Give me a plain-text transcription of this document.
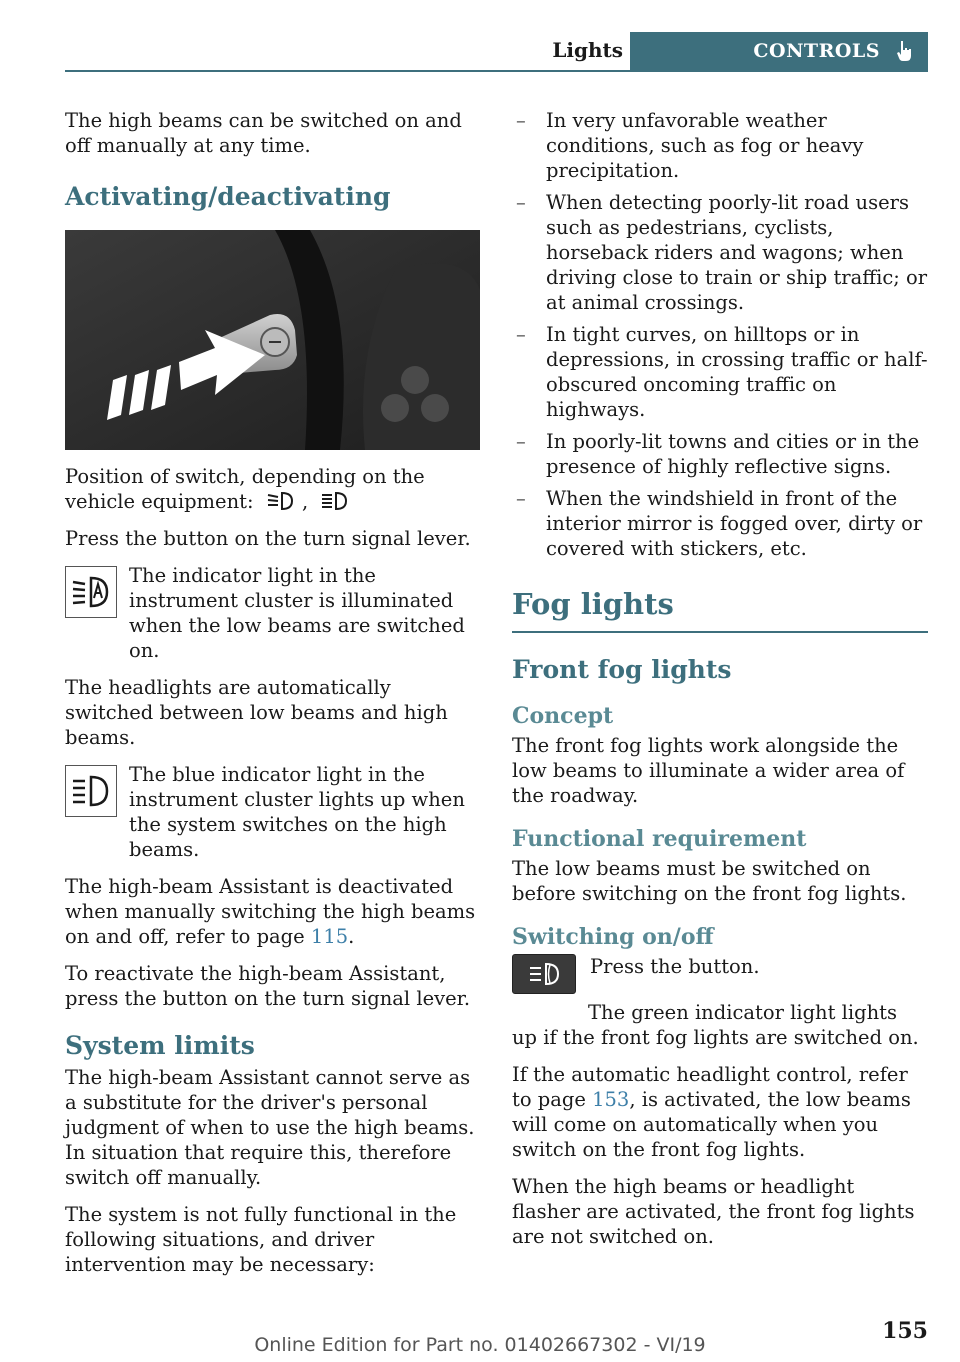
Lights	CONTROLS

The high beams can be switched on and off manually at any time.

Activating/deactivating

Position of switch, depending on the vehicle equipment: ,

Press the button on the turn signal lever.

The indicator light in the instrument cluster is illuminated when the low beams are switched on.

The headlights are automatically switched between low beams and high beams.

The blue indicator light in the instrument cluster lights up when the system switches on the high beams.

The high-beam Assistant is deactivated when manually switching the high beams on and off, refer to page 115.

To reactivate the high-beam Assistant, press the button on the turn signal lever.

System limits

The high-beam Assistant cannot serve as a substitute for the driver's personal judgment of when to use the high beams. In situation that require this, therefore switch off manually.

The system is not fully functional in the following situations, and driver intervention may be necessary:

– In very unfavorable weather conditions, such as fog or heavy precipitation.
– When detecting poorly-lit road users such as pedestrians, cyclists, horseback riders and wagons; when driving close to train or ship traffic; or at animal crossings.
– In tight curves, on hilltops or in depressions, in crossing traffic or half-obscured oncoming traffic on highways.
– In poorly-lit towns and cities or in the presence of highly reflective signs.
– When the windshield in front of the interior mirror is fogged over, dirty or covered with stickers, etc.
Fog lights
Front fog lights
Concept

The front fog lights work alongside the low beams to illuminate a wider area of the roadway.

Functional requirement

The low beams must be switched on before switching on the front fog lights.

Switching on/off
Press the button.

The green indicator light lights up if the front fog lights are switched on.

If the automatic headlight control, refer to page 153, is activated, the low beams will come on automatically when you switch on the front fog lights.

When the high beams or headlight flasher are activated, the front fog lights are not switched on.

155
Online Edition for Part no. 01402667302 - VI/19
